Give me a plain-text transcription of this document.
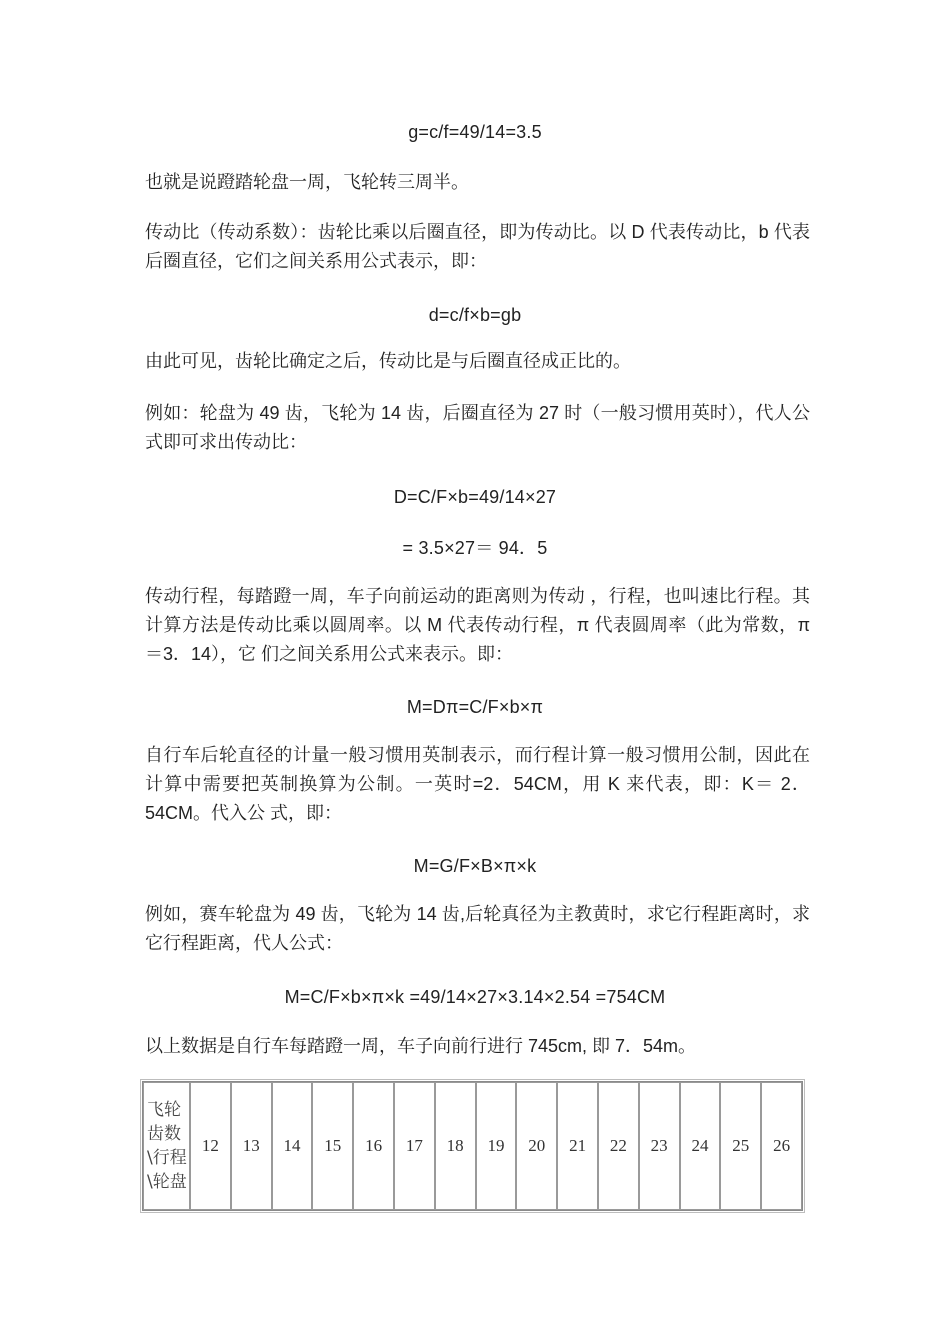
g=c/f=49/14=3.5
也就是说蹬踏轮盘一周，飞轮转三周半。
传动比（传动系数）：齿轮比乘以后圈直径，即为传动比。以 D 代表传动比，b 代表后圈直径，它们之间关系用公式表示，即：
d=c/f×b=gb
由此可见，齿轮比确定之后，传动比是与后圈直径成正比的。
例如：轮盘为 49 齿，飞轮为 14 齿，后圈直径为 27 时（一般习惯用英时），代人公式即可求出传动比：
D=C/F×b=49/14×27
= 3.5×27＝ 94．5
传动行程，每踏蹬一周，车子向前运动的距离则为传动 ，行程，也叫速比行程。其计算方法是传动比乘以圆周率。以 M 代表传动行程，π 代表圆周率（此为常数，π＝3．14），它 们之间关系用公式来表示。即：
M=Dπ=C/F×b×π
自行车后轮直径的计量一般习惯用英制表示，而行程计算一般习惯用公制，因此在计算中需要把英制换算为公制。一英时=2．54CM，用 K 来代表，即：K＝ 2．54CM。代入公 式，即：
M=G/F×B×π×k
例如，赛车轮盘为 49 齿，飞轮为 14 齿,后轮真径为主教黄时，求它行程距离时，求它行程距离，代人公式：
M=C/F×b×π×k =49/14×27×3.14×2.54 =754CM
以上数据是自行车每踏蹬一周，车子向前行进行 745cm, 即 7．54m。
飞轮齿数\行程\轮盘	12	13	14	15	16	17	18	19	20	21	22	23	24	25	26
